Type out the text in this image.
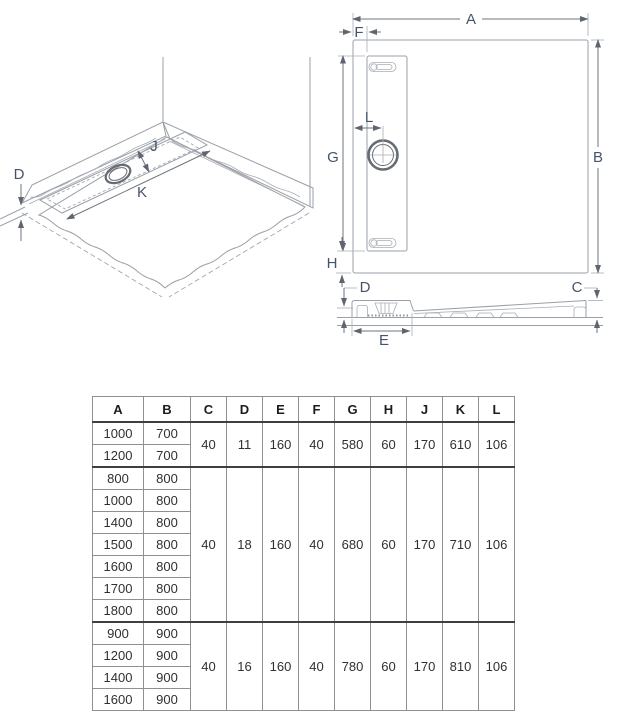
D
J
K
A
F
G	B
H
L
D	C
E
A	B	C	D	E	F	G	H	J	K	L
1000	700	40	11	160	40	580	60	170	610	106
1200	700									
800	800	40	18	160	40	680	60	170	710	106
1000	800									
1400	800									
1500	800									
1600	800									
1700	800									
1800	800									
900	900	40	16	160	40	780	60	170	810	106
1200	900									
1400	900									
1600	900									
